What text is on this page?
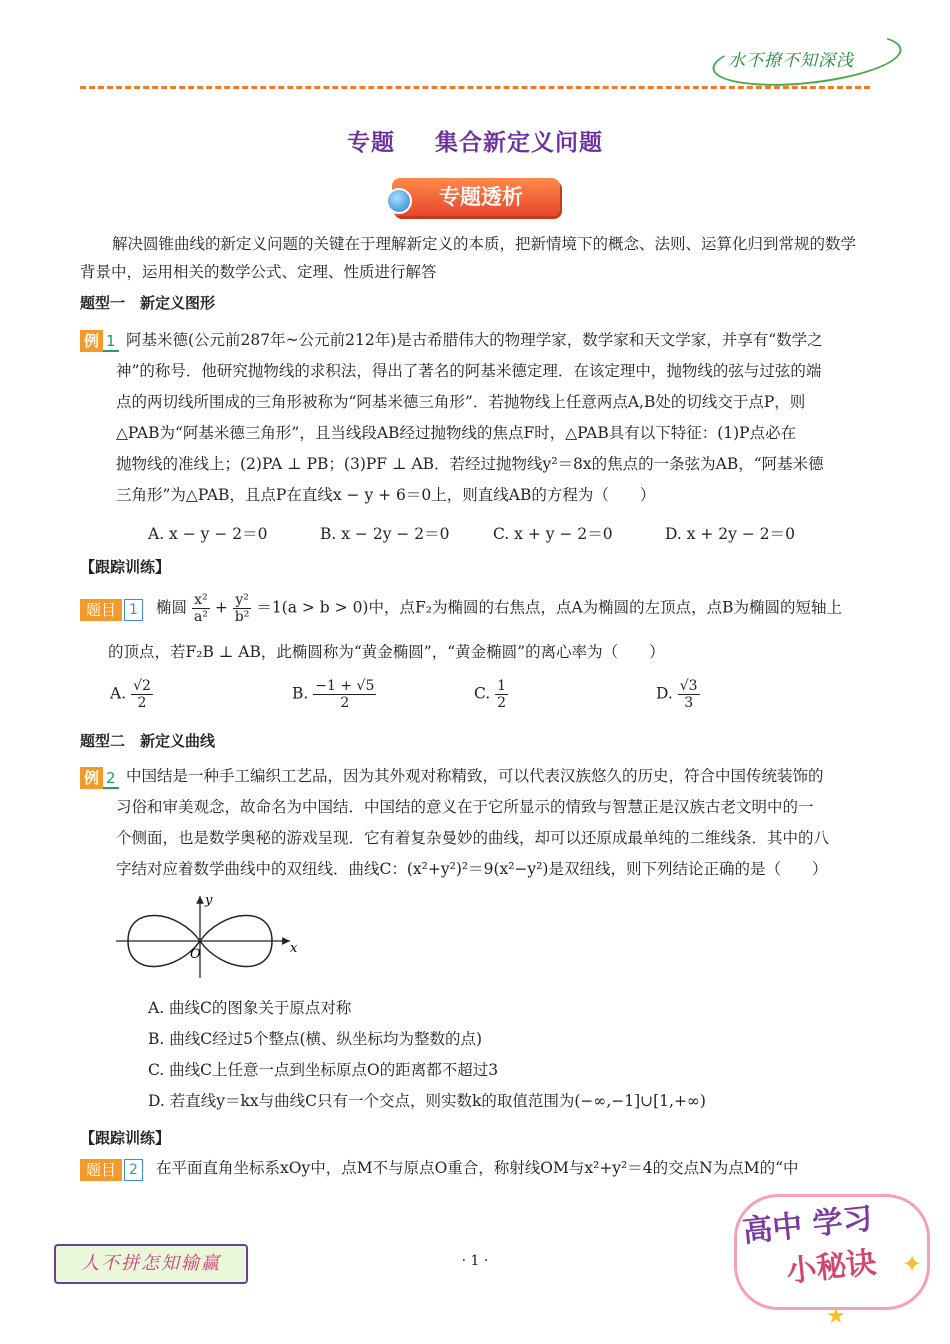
水不撩不知深浅
专题 集合新定义问题
专题透析
解决圆锥曲线的新定义问题的关键在于理解新定义的本质，把新情境下的概念、法则、运算化归到常规的数学
背景中，运用相关的数学公式、定理、性质进行解答
题型一　新定义图形
例 1 阿基米德(公元前287年~公元前212年)是古希腊伟大的物理学家，数学家和天文学家，并享有“数学之
神”的称号．他研究抛物线的求积法，得出了著名的阿基米德定理．在该定理中，抛物线的弦与过弦的端
点的两切线所围成的三角形被称为“阿基米德三角形”．若抛物线上任意两点A,B处的切线交于点P，则
△PAB为“阿基米德三角形”，且当线段AB经过抛物线的焦点F时，△PAB具有以下特征：(1)P点必在
抛物线的准线上；(2)PA ⊥ PB；(3)PF ⊥ AB．若经过抛物线y²＝8x的焦点的一条弦为AB，“阿基米德
三角形”为△PAB，且点P在直线x − y + 6＝0上，则直线AB的方程为（　　）
A. x − y − 2＝0	B. x − 2y − 2＝0	C. x + y − 2＝0	D. x + 2y − 2＝0
【跟踪训练】
题目 1	椭圆 $\frac{\text{x²}}{\text{a²}} + \frac{\text{y²}}{\text{b²}} =1(a > b > 0)$中，点F₂为椭圆的右焦点，点A为椭圆的左顶点，点B为椭圆的短轴上
的顶点，若F₂B ⊥ AB，此椭圆称为“黄金椭圆”，“黄金椭圆”的离心率为（　　）
A. $\frac{√2}{2}$	B. $\frac{-1 + √5}{2}$	C. $\frac{1}{2}$	D. $\frac{√3}{3}$
题型二　新定义曲线
例 2 中国结是一种手工编织工艺品，因为其外观对称精致，可以代表汉族悠久的历史，符合中国传统装饰的
习俗和审美观念，故命名为中国结．中国结的意义在于它所显示的情致与智慧正是汉族古老文明中的一
个侧面，也是数学奥秘的游戏呈现．它有着复杂曼妙的曲线，却可以还原成最单纯的二维线条．其中的八
字结对应着数学曲线中的双纽线．曲线C：(x²+y²)²＝9(x²−y²)是双纽线，则下列结论正确的是（　　）
x
y
O
A. 曲线C的图象关于原点对称
B. 曲线C经过5个整点(横、纵坐标均为整数的点)
C. 曲线C上任意一点到坐标原点O的距离都不超过3
D. 若直线y＝kx与曲线C只有一个交点，则实数k的取值范围为(−∞,−1]∪[1,+∞)
【跟踪训练】
题目 2	在平面直角坐标系xOy中，点M不与原点O重合，称射线OM与x²+y²＝4的交点N为点M的“中
人不拼怎知输赢	· 1 ·
高中 学习
小秘诀 ✦
★
